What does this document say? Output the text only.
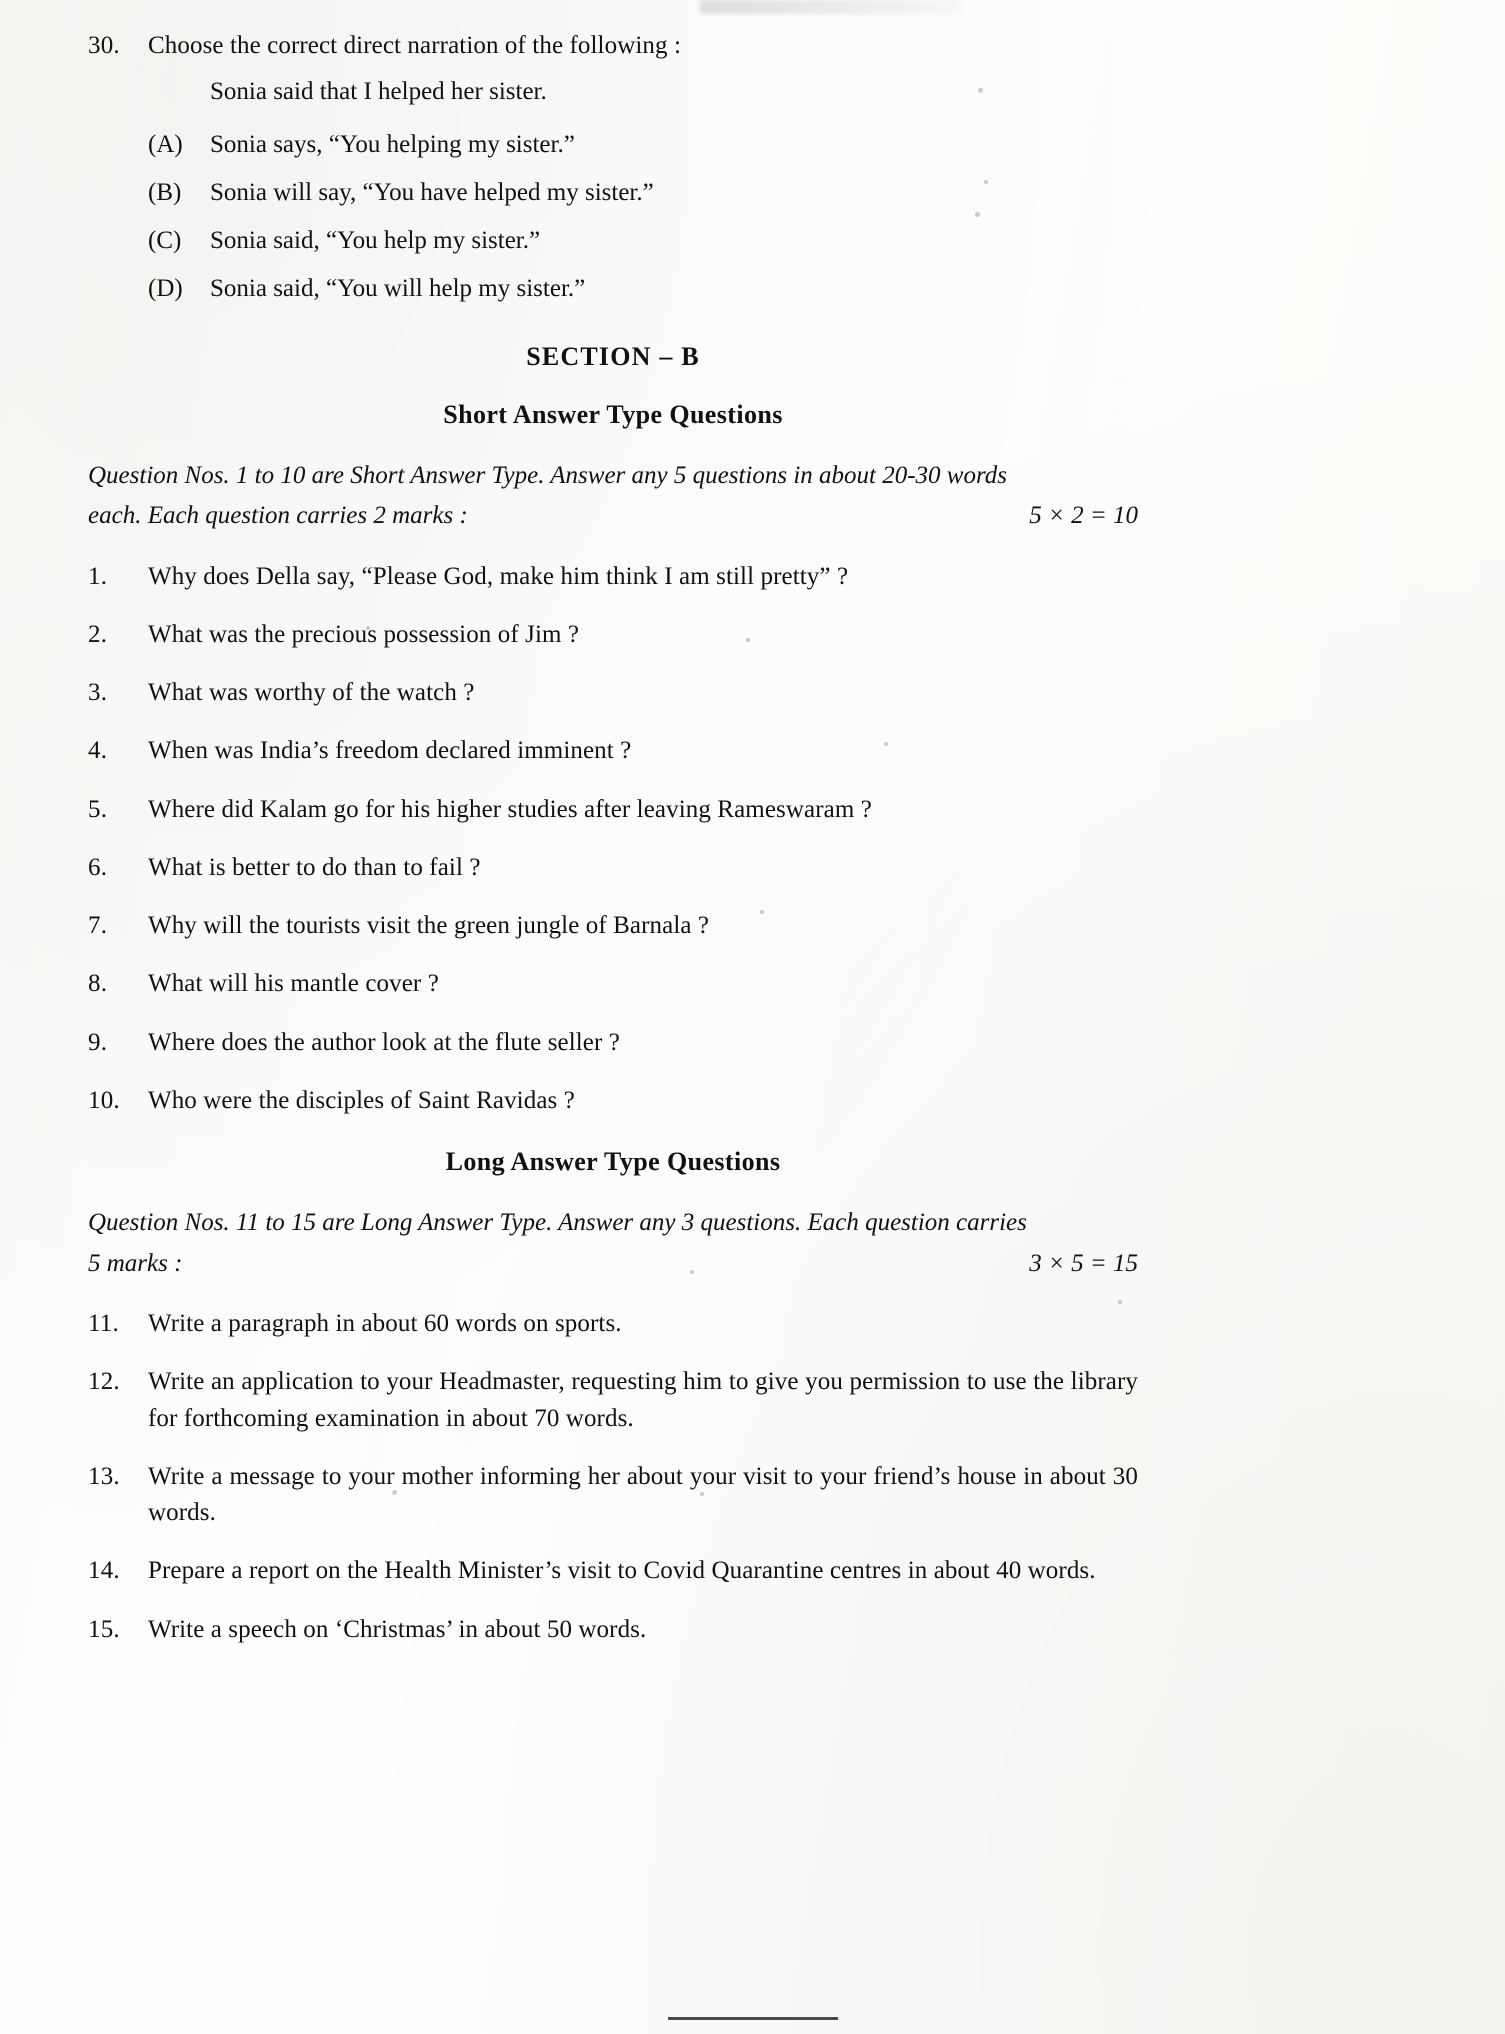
30.	Choose the correct direct narration of the following :
Sonia said that I helped her sister.
(A)	Sonia says, “You helping my sister.”
(B)	Sonia will say, “You have helped my sister.”
(C)	Sonia said, “You help my sister.”
(D)	Sonia said, “You will help my sister.”
SECTION – B
Short Answer Type Questions
Question Nos. 1 to 10 are Short Answer Type. Answer any 5 questions in about 20-30 words
each. Each question carries 2 marks :	5 × 2 = 10
1.	Why does Della say, “Please God, make him think I am still pretty” ?
2.	What was the precious possession of Jim ?
3.	What was worthy of the watch ?
4.	When was India’s freedom declared imminent ?
5.	Where did Kalam go for his higher studies after leaving Rameswaram ?
6.	What is better to do than to fail ?
7.	Why will the tourists visit the green jungle of Barnala ?
8.	What will his mantle cover ?
9.	Where does the author look at the flute seller ?
10.	Who were the disciples of Saint Ravidas ?
Long Answer Type Questions
Question Nos. 11 to 15 are Long Answer Type. Answer any 3 questions. Each question carries
5 marks :	3 × 5 = 15
11.	Write a paragraph in about 60 words on sports.
12.	Write an application to your Headmaster, requesting him to give you permission to use the library for forthcoming examination in about 70 words.
13.	Write a message to your mother informing her about your visit to your friend’s house in about 30 words.
14.	Prepare a report on the Health Minister’s visit to Covid Quarantine centres in about 40 words.
15.	Write a speech on ‘Christmas’ in about 50 words.
